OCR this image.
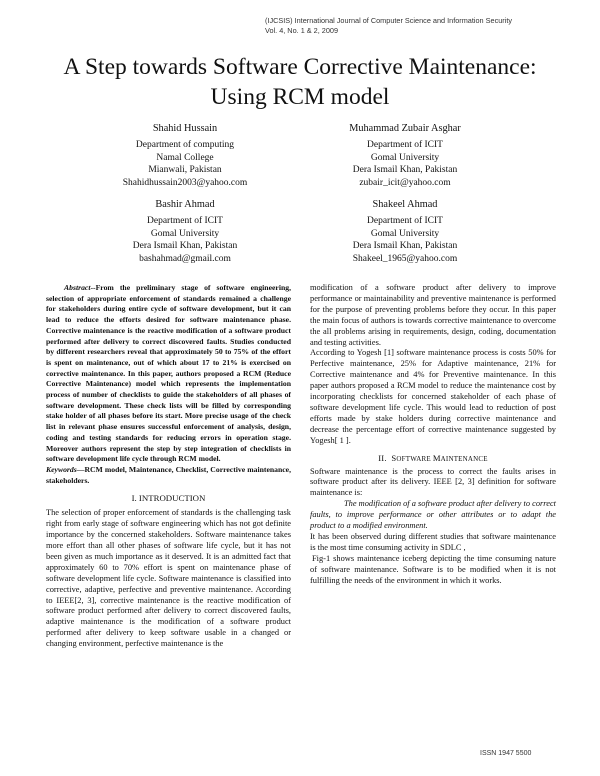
(IJCSIS) International Journal of Computer Science and Information Security
Vol. 4, No. 1 & 2, 2009
A Step towards Software Corrective Maintenance:
Using RCM model
Shahid Hussain
Department of computing
Namal College
Mianwali, Pakistan
Shahidhussain2003@yahoo.com
Muhammad Zubair Asghar
Department of ICIT
Gomal University
Dera Ismail Khan, Pakistan
zubair_icit@yahoo.com
Bashir Ahmad
Department of ICIT
Gomal University
Dera Ismail Khan, Pakistan
bashahmad@gmail.com
Shakeel Ahmad
Department of ICIT
Gomal University
Dera Ismail Khan, Pakistan
Shakeel_1965@yahoo.com

Abstract--From the preliminary stage of software engineering, selection of appropriate enforcement of standards remained a challenge for stakeholders during entire cycle of software development, but it can lead to reduce the efforts desired for software maintenance phase. Corrective maintenance is the reactive modification of a software product performed after delivery to correct discovered faults. Studies conducted by different researchers reveal that approximately 50 to 75% of the effort is spent on maintenance, out of which about 17 to 21% is exercised on corrective maintenance. In this paper, authors proposed a RCM (Reduce Corrective Maintenance) model which represents the implementation process of number of checklists to guide the stakeholders of all phases of software development. These check lists will be filled by corresponding stake holder of all phases before its start. More precise usage of the check list in relevant phase ensures successful enforcement of analysis, design, coding and testing standards for reducing errors in operation stage. Moreover authors represent the step by step integration of checklists in software development life cycle through RCM model.

Keywords—RCM model, Maintenance, Checklist, Corrective maintenance, stakeholders.

I. INTRODUCTION

The selection of proper enforcement of standards is the challenging task right from early stage of software engineering which has not got definite importance by the concerned stakeholders. Software maintenance takes more effort than all other phases of software life cycle, but it has not been given as much importance as it deserved. It is an admitted fact that approximately 60 to 70% effort is spent on maintenance phase of software development life cycle. Software maintenance is classified into corrective, adaptive, perfective and preventive maintenance. According to IEEE[2, 3], corrective maintenance is the reactive modification of software product performed after delivery to correct discovered faults, adaptive maintenance is the modification of a software product performed after delivery to keep software usable in a changed or changing environment, perfective maintenance is the

modification of a software product after delivery to improve performance or maintainability and preventive maintenance is performed for the purpose of preventing problems before they occur. In this paper the main focus of authors is towards corrective maintenance to overcome the all problems arising in requirements, design, coding, documentation and testing activities.

According to Yogesh [1] software maintenance process is costs 50% for Perfective maintenance, 25% for Adaptive maintenance, 21% for Corrective maintenance and 4% for Preventive maintenance. In this paper authors proposed a RCM model to reduce the maintenance cost by incorporating checklists for concerned stakeholder of each phase of software development life cycle. This would lead to reduction of post efforts made by stake holders during corrective maintenance and decrease the percentage effort of corrective maintenance suggested by Yogesh[ 1 ].

II. SOFTWARE MAINTENANCE

Software maintenance is the process to correct the faults arises in software product after its delivery. IEEE [2, 3] definition for software maintenance is:

The modification of a software product after delivery to correct faults, to improve performance or other attributes or to adapt the product to a modified environment.

It has been observed during different studies that software maintenance is the most time consuming activity in SDLC ,

Fig-1 shows maintenance iceberg depicting the time consuming nature of software maintenance. Software is to be modified when it is not fulfilling the needs of the environment in which it works.

ISSN 1947 5500
